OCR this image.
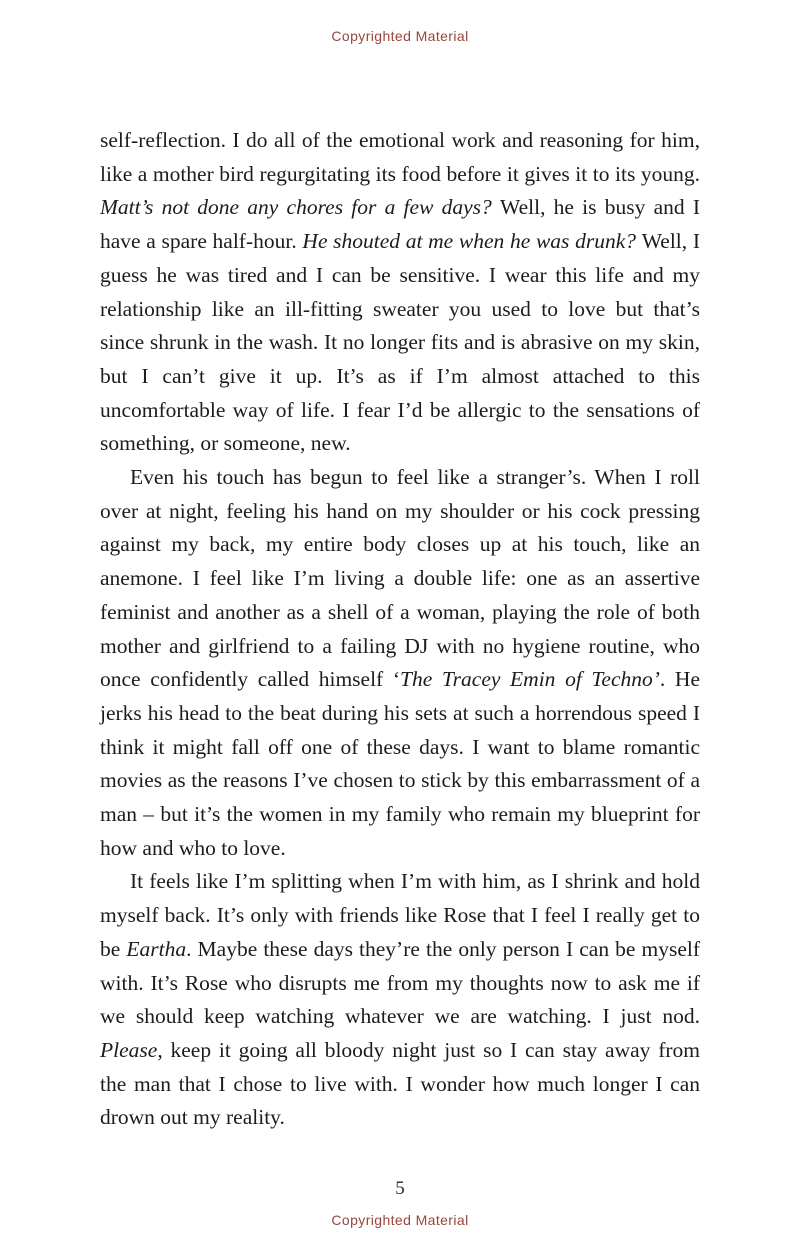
Copyrighted Material

self-reflection. I do all of the emotional work and reasoning for him, like a mother bird regurgitating its food before it gives it to its young. Matt’s not done any chores for a few days? Well, he is busy and I have a spare half-hour. He shouted at me when he was drunk? Well, I guess he was tired and I can be sensitive. I wear this life and my relationship like an ill-fitting sweater you used to love but that’s since shrunk in the wash. It no longer fits and is abrasive on my skin, but I can’t give it up. It’s as if I’m almost attached to this uncomfortable way of life. I fear I’d be allergic to the sensations of something, or someone, new.

Even his touch has begun to feel like a stranger’s. When I roll over at night, feeling his hand on my shoulder or his cock pressing against my back, my entire body closes up at his touch, like an anemone. I feel like I’m living a double life: one as an assertive feminist and another as a shell of a woman, playing the role of both mother and girlfriend to a failing DJ with no hygiene routine, who once confidently called himself ‘The Tracey Emin of Techno’. He jerks his head to the beat during his sets at such a horrendous speed I think it might fall off one of these days. I want to blame romantic movies as the reasons I’ve chosen to stick by this embarrassment of a man – but it’s the women in my family who remain my blueprint for how and who to love.

It feels like I’m splitting when I’m with him, as I shrink and hold myself back. It’s only with friends like Rose that I feel I really get to be Eartha. Maybe these days they’re the only person I can be myself with. It’s Rose who disrupts me from my thoughts now to ask me if we should keep watching whatever we are watching. I just nod. Please, keep it going all bloody night just so I can stay away from the man that I chose to live with. I wonder how much longer I can drown out my reality.

5
Copyrighted Material
